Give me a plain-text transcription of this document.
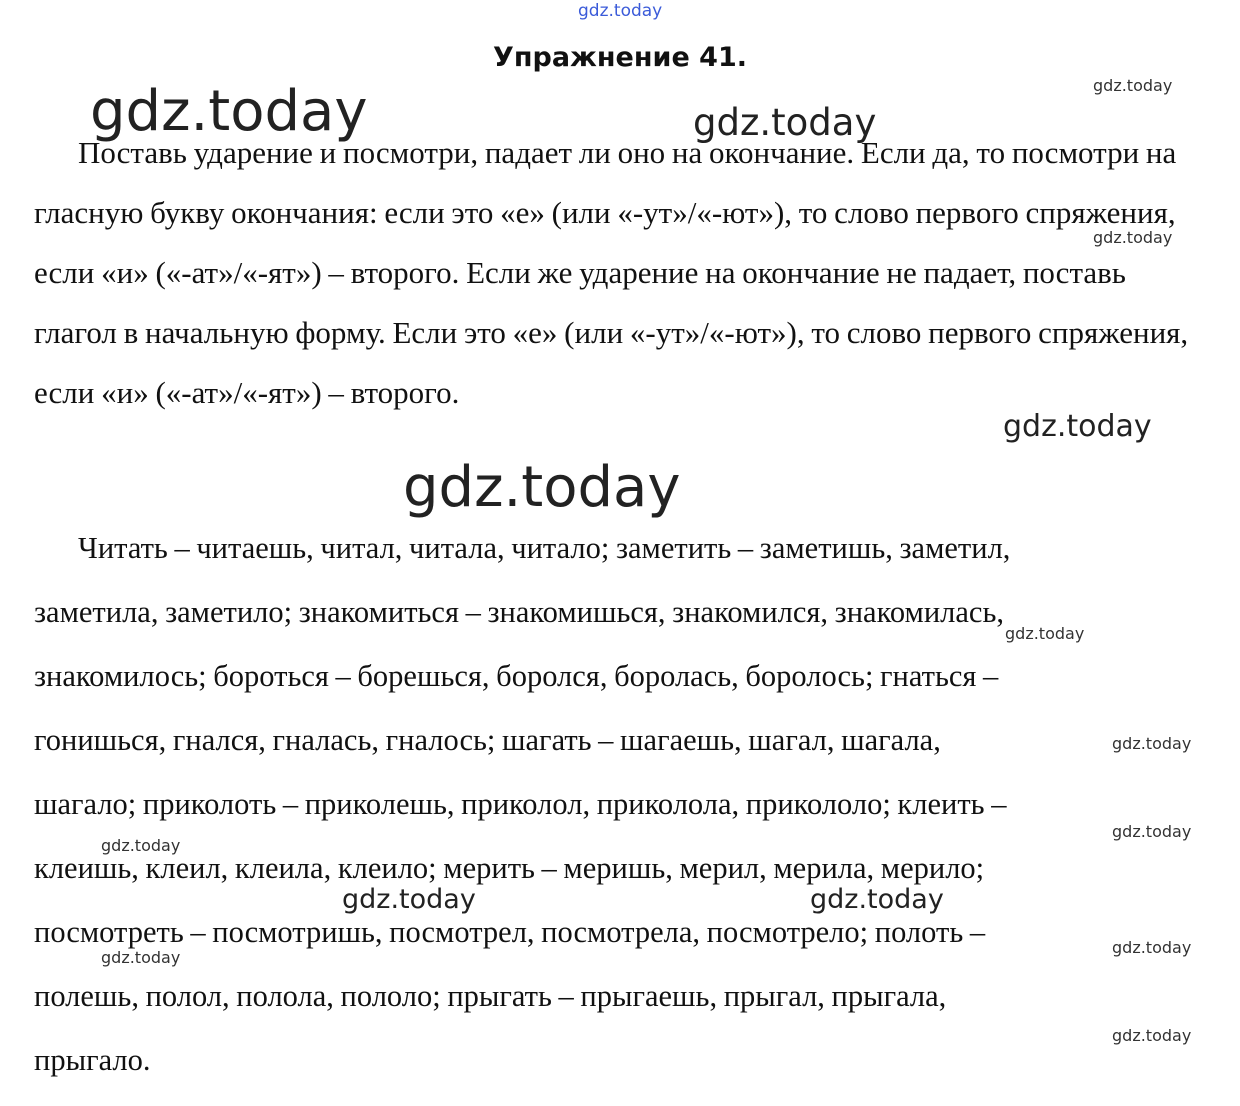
gdz.today
gdz.today	gdz.today
gdz.today
gdz.today
gdz.today
gdz.today
gdz.today
gdz.today
gdz.today
gdz.today
gdz.today	gdz.today
gdz.today
gdz.today
gdz.today
Упражнение 41.

Поставь ударение и посмотри, падает ли оно на окончание. Если да, то посмотри на гласную букву окончания: если это «е» (или «-ут»/«-ют»), то слово первого спряжения, если «и» («-ат»/«-ят») – второго. Если же ударение на окончание не падает, поставь глагол в начальную форму. Если это «е» (или «-ут»/«-ют»), то слово первого спряжения, если «и» («-ат»/«-ят») – второго.

Читать – читаешь, читал, читала, читало; заметить – заметишь, заметил,
заметила, заметило; знакомиться – знакомишься, знакомился, знакомилась,
знакомилось; бороться – борешься, боролся, боролась, боролось; гнаться –
гонишься, гнался, гналась, гналось; шагать – шагаешь, шагал, шагала,
шагало; приколоть – приколешь, приколол, приколола, прикололо; клеить –
клеишь, клеил, клеила, клеило; мерить – меришь, мерил, мерила, мерило;
посмотреть – посмотришь, посмотрел, посмотрела, посмотрело; полоть –
полешь, полол, полола, пололо; прыгать – прыгаешь, прыгал, прыгала,
прыгало.
